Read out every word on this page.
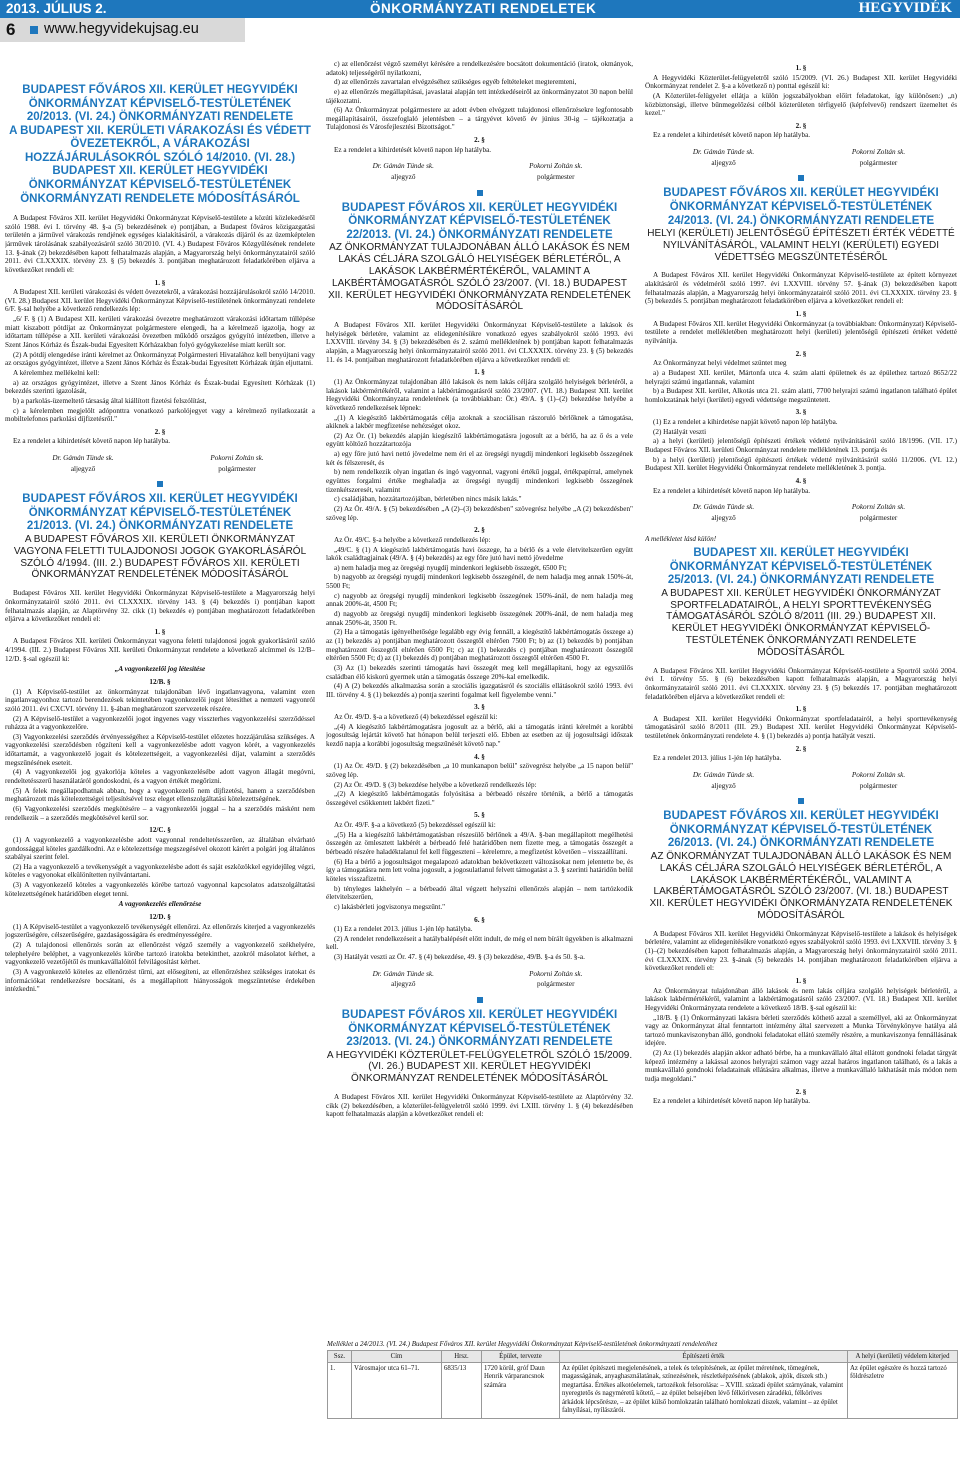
2013. JÚLIUS 2.	ÖNKORMÁNYZATI RENDELETEK	HEGYVIDÉK
6 www.hegyvidekujsag.eu
BUDAPEST FŐVÁROS XII. KERÜLET HEGYVIDÉKI ÖNKORMÁNYZAT KÉPVISELŐ-TESTÜLETÉNEK
20/2013. (VI. 24.) ÖNKORMÁNYZATI RENDELETE
A BUDAPEST XII. KERÜLETI VÁRAKOZÁSI ÉS VÉDETT ÖVEZETEKRŐL, A VÁRAKOZÁSI HOZZÁJÁRULÁSOKRÓL SZÓLÓ 14/2010. (VI. 28.) BUDAPEST XII. KERÜLET HEGYVIDÉKI ÖNKORMÁNYZAT KÉPVISELŐ-TESTÜLETÉNEK ÖNKORMÁNYZATI RENDELETE MÓDOSÍTÁSÁRÓL

A Budapest Főváros XII. kerület Hegyvidéki Önkormányzat Képviselő-testülete a közúti közlekedésről szóló 1988. évi I. törvény 48. §-a (5) bekezdésének e) pontjában, a Budapest főváros közigazgatási területén a járművel várakozás rendjének egységes kialakításáról, a várakozás díjáról és az üzemképtelen járművek tárolásának szabályozásáról szóló 30/2010. (VI. 4.) Budapest Főváros Közgyűlésének rendelete 13. §-ának (2) bekezdésében kapott felhatalmazás alapján, a Magyarország helyi önkormányzatairól szóló 2011. évi CLXXXIX. törvény 23. § (5) bekezdés 3. pontjában meghatározott feladatkörében eljárva a következőket rendeli el:

1. §

A Budapest XII. kerületi várakozási és védett övezetekről, a várakozási hozzájárulásokról szóló 14/2010. (VI. 28.) Budapest XII. kerület Hegyvidéki Önkormányzat Képviselő-testületének önkormányzati rendelete 6/F. §-sal helyébe a következő rendelkezés lép:

„6/ F. § (1) A Budapest XII. kerületi várakozási övezetre meghatározott várakozási időtartam túllépése miatt kiszabott pótdíjat az Önkormányzat polgármestere elengedi, ha a kérelmező igazolja, hogy az időtartam túllépése a XII. kerületi várakozási övezetben működő országos gyógyító intézetben, illetve a Szent János Kórház és Észak-budai Egyesített Kórházakban folyó gyógykezelése miatt került sor.

(2) A pótdíj elengedése iránti kérelmet az Önkormányzat Polgármesteri Hivatalához kell benyújtani vagy az országos gyógyintézet, illetve a Szent János Kórház és Észak-budai Egyesített Kórházak útján eljuttatni.

A kérelemhez mellékelni kell:

a) az országos gyógyintézet, illetve a Szent János Kórház és Észak-budai Egyesített Kórházak (1) bekezdés szerinti igazolását,

b) a parkolás-üzemeltető társaság által kiállított fizetési felszólítást,

c) a kérelemben megjelölt adóponttra vonatkozó parkolójegyet vagy a kérelmező nyilatkozatát a mobiltelefonos parkolási díjfizetésről."

2. §

Ez a rendelet a kihirdetését követő napon lép hatályba.

Dr. Gámán Tünde sk.	Pokorni Zoltán sk.
aljegyző	polgármester
BUDAPEST FŐVÁROS XII. KERÜLET HEGYVIDÉKI ÖNKORMÁNYZAT KÉPVISELŐ-TESTÜLETÉNEK
21/2013. (VI. 24.) ÖNKORMÁNYZATI RENDELETE
A BUDAPEST FŐVÁROS XII. KERÜLETI ÖNKORMÁNYZAT VAGYONA FELETTI TULAJDONOSI JOGOK GYAKORLÁSÁRÓL SZÓLÓ 4/1994. (III. 2.) BUDAPEST FŐVÁROS XII. KERÜLETI ÖNKORMÁNYZAT RENDELETÉNEK MÓDOSÍTÁSÁRÓL

Budapest Főváros XII. kerület Hegyvidéki Önkormányzat Képviselő-testülete a Magyarország helyi önkormányzatairól szóló 2011. évi CLXXXIX. törvény 143. § (4) bekezdés i) pontjában kapott felhatalmazás alapján, az Alaptörvény 32. cikk (1) bekezdés e) pontjában meghatározott feladatkörében eljárva a következőket rendeli el:

1. §

A Budapest Főváros XII. kerületi Önkormányzat vagyona feletti tulajdonosi jogok gyakorlásáról szóló 4/1994. (III. 2.) Budapest Főváros XII. kerületi Önkormányzat rendelete a következő alcímmel és 12/B–12/D. §-sal egészül ki:

„A vagyonkezelői jog létesítése

12/B. §

(1) A Képviselő-testület az önkormányzat tulajdonában lévő ingatlanvagyona, valamint ezen ingatlanvagyonhoz tartozó berendezések tekintetében vagyonkezelői jogot létesíthet a nemzeti vagyonról szóló 2011. évi CXCVI. törvény 11. §-ában meghatározott szervezetek részére.

(2) A Képviselő-testület a vagyonkezelői jogot ingyenes vagy visszterhes vagyonkezelési szerződéssel ruházza át a vagyonkezelőre.

(3) Vagyonkezelési szerződés érvényességéhez a Képviselő-testület előzetes hozzájárulása szükséges. A vagyonkezelési szerződésben rögzíteni kell a vagyonkezelésbe adott vagyon körét, a vagyonkezelés időtartamát, a vagyonkezelő jogait és kötelezettségeit, a vagyonkezelési díjat, valamint a szerződés megszűnésének eseteit.

(4) A vagyonkezelői jog gyakorlója köteles a vagyonkezelésébe adott vagyon állagát megóvni, rendeltetésszerű használatáról gondoskodni, és a vagyon értékét megőrizni.

(5) A felek megállapodhatnak abban, hogy a vagyonkezelő nem díjfizetési, hanem a szerződésben meghatározott más kötelezettségei teljesítésével tesz eleget ellenszolgáltatási kötelezettségének.

(6) Vagyonkezelési szerződés megkötésére – a vagyonkezelői joggal – ha a szerződés másként nem rendelkezik – a szerződés megkötésével kerül sor.

12/C. §

(1) A vagyonkezelő a vagyonkezelésbe adott vagyonnal rendeltetésszerűen, az általában elvárható gondossággal köteles gazdálkodni. Az e kötelezettsége megszegésével okozott kárért a polgári jog általános szabályai szerint felel.

(2) Ha a vagyonkezelő a tevékenységét a vagyonkezelésbe adott és saját eszközökkel egyidejűleg végzi, köteles e vagyonokat elkülönítetten nyilvántartani.

(3) A vagyonkezelő köteles a vagyonkezelés körébe tartozó vagyonnal kapcsolatos adatszolgáltatási kötelezettségének határidőben eleget tenni.

A vagyonkezelés ellenőrzése

12/D. §

(1) A Képviselő-testület a vagyonkezelő tevékenységét ellenőrzi. Az ellenőrzés kiterjed a vagyonkezelés jogszerűségére, célszerűségére, gazdaságosságára és eredményességére.

(2) A tulajdonosi ellenőrzés során az ellenőrzést végző személy a vagyonkezelő székhelyére, telephelyére beléphet, a vagyonkezelés körébe tartozó iratokba betekinthet, azokról másolatot kérhet, a vagyonkezelő vezetőjétől és munkavállalóitól felvilágosítást kérhet.

(3) A vagyonkezelő köteles az ellenőrzést tűrni, azt elősegíteni, az ellenőrzéshez szükséges iratokat és információkat rendelkezésre bocsátani, és a megállapított hiányosságok megszüntetése érdekében intézkedni."

c) az ellenőrzést végző személyt kérésére a rendelkezésére bocsátott dokumentáció (iratok, okmányok, adatok) teljességéről nyilatkozni,

d) az ellenőrzés zavartalan elvégzéséhez szükséges egyéb feltételeket megteremteni,

e) az ellenőrzés megállapításai, javaslatai alapján tett intézkedéseiről az önkormányzatot 30 napon belül tájékoztatni.

(6) Az Önkormányzat polgármestere az adott évben elvégzett tulajdonosi ellenőrzésekre legfontosabb megállapításairól, összefoglaló jelentésben – a tárgyévet követő év június 30-ig – tájékoztatja a Tulajdonosi és Városfejlesztési Bizottságot."

2. §

Ez a rendelet a kihirdetését követő napon lép hatályba.

Dr. Gámán Tünde sk.	Pokorni Zoltán sk.
aljegyző	polgármester
BUDAPEST FŐVÁROS XII. KERÜLET HEGYVIDÉKI ÖNKORMÁNYZAT KÉPVISELŐ-TESTÜLETÉNEK
22/2013. (VI. 24.) ÖNKORMÁNYZATI RENDELETE
AZ ÖNKORMÁNYZAT TULAJDONÁBAN ÁLLÓ LAKÁSOK ÉS NEM LAKÁS CÉLJÁRA SZOLGÁLÓ HELYISÉGEK BÉRLETÉRŐL, A LAKÁSOK LAKBÉRMÉRTÉKÉRŐL, VALAMINT A LAKBÉRTÁMOGATÁSRÓL SZÓLÓ 23/2007. (VI. 18.) BUDAPEST XII. KERÜLET HEGYVIDÉKI ÖNKORMÁNYZATA RENDELETÉNEK MÓDOSÍTÁSÁRÓL

A Budapest Főváros XII. kerület Hegyvidéki Önkormányzat Képviselő-testülete a lakások és helyiségek bérletére, valamint az elidegenítésükre vonatkozó egyes szabályokról szóló 1993. évi LXXVIII. törvény 34. § (3) bekezdésében és 2. számú mellékletének b) pontjában kapott felhatalmazás alapján, a Magyarország helyi önkormányzatairól szóló 2011. évi CLXXXIX. törvény 23. § (5) bekezdés 11. és 14. pontjaiban meghatározott feladatkörében eljárva a következőket rendeli el:

1. §

(1) Az Önkormányzat tulajdonában álló lakások és nem lakás céljára szolgáló helyiségek bérletéről, a lakások lakbérmértékéről, valamint a lakbértámogatásról szóló 23/2007. (VI. 18.) Budapest XII. kerület Hegyvidéki Önkormányzata rendeletének (a továbbiakban: Ör.) 49/A. § (1)–(2) bekezdése helyébe a következő rendelkezések lépnek:

„(1) A kiegészítő lakbértámogatás célja azoknak a szociálisan rászoruló bérlőknek a támogatása, akiknek a lakbér megfizetése nehézséget okoz.

(2) Az Ör. (1) bekezdés alapján kiegészítő lakbértámogatásra jogosult az a bérlő, ha az ő és a vele együtt költöző hozzátartozója

a) egy főre jutó havi nettó jövedelme nem éri el az öregségi nyugdíj mindenkori legkisebb összegének két és félszeresét, és

b) nem rendelkezik olyan ingatlan és ingó vagyonnal, vagyoni értékű joggal, értékpapírral, amelynek együttes forgalmi értéke meghaladja az öregségi nyugdíj mindenkori legkisebb összegének tizenkétszeresét, valamint

c) családjában, hozzátartozójában, bérletében nincs másik lakás."

(2) Az Ör. 49/A. § (5) bekezdésében „A (2)–(3) bekezdésben" szövegrész helyébe „A (2) bekezdésben" szöveg lép.

2. §

Az Ör. 49/C. §-a helyébe a következő rendelkezés lép:

„49/C. § (1) A kiegészítő lakbértámogatás havi összege, ha a bérlő és a vele életvitelszerűen együtt lakók családtagjainak (49/A. § (4) bekezdés) az egy főre jutó havi nettó jövedelme

a) nem haladja meg az öregségi nyugdíj mindenkori legkisebb összegét, 6500 Ft;

b) nagyobb az öregségi nyugdíj mindenkori legkisebb összegénél, de nem haladja meg annak 150%-át, 5500 Ft;

c) nagyobb az öregségi nyugdíj mindenkori legkisebb összegének 150%-ánál, de nem haladja meg annak 200%-át, 4500 Ft;

d) nagyobb az öregségi nyugdíj mindenkori legkisebb összegének 200%-ánál, de nem haladja meg annak 250%-át, 3500 Ft.

(2) Ha a támogatás igényelhetősége legalább egy évig fennáll, a kiegészítő lakbértámogatás összege a) az (1) bekezdés a) pontjában meghatározott összegtől eltérően 7500 Ft; b) az (1) bekezdés b) pontjában meghatározott összegtől eltérően 6500 Ft; c) az (1) bekezdés c) pontjában meghatározott összegtől eltérően 5500 Ft; d) az (1) bekezdés d) pontjában meghatározott összegtől eltérően 4500 Ft.

(3) Az (1) bekezdés szerinti támogatás havi összegét meg kell megállapítani, hogy az egyszülős családban élő kiskorú gyermek után a támogatás összege 20%-kal emelkedik.

(4) A (2) bekezdés alkalmazása során a szociális igazgatásról és szociális ellátásokról szóló 1993. évi III. törvény 4. § (1) bekezdés a) pontja szerinti fogalmat kell figyelembe venni."

3. §

Az Ör. 49/D. §-a a következő (4) bekezdéssel egészül ki:

„(4) A kiegészítő lakbértámogatásra jogosult az a bérlő, aki a támogatás iránti kérelmét a korábbi jogosultság lejártát követő hat hónapon belül terjeszti elő. Ebben az esetben az új jogosultsági időszak kezdő napja a korábbi jogosultság megszűnését követő nap."

4. §

(1) Az Ör. 49/D. § (2) bekezdésében „a 10 munkanapon belül" szövegrész helyébe „a 15 napon belül" szöveg lép.

(2) Az Ör. 49/D. § (3) bekezdése helyébe a következő rendelkezés lép:

„(2) A kiegészítő lakbértámogatás folyósítása a bérbeadó részére történik, a bérlő a támogatás összegével csökkentett lakbért fizeti."

5. §

Az Ör. 49/F. §-a a következő (5) bekezdéssel egészül ki:

„(5) Ha a kiegészítő lakbértámogatásban részesülő bérlőnek a 49/A. §-ban megállapított megélhetési összegén az ömlesztett lakbérét a bérbeadó felé határidőben nem fizette meg, a támogatás összegét a bérbeadó részére haladéktalanul fel kell függeszteni – kérelemre, a megfizetést követően – visszaállítani.

(6) Ha a bérlő a jogosultságot megalapozó adatokban bekövetkezett változásokat nem jelentette be, és így a támogatásra nem lett volna jogosult, a jogosulatlanul felvett támogatást a 3. § szerinti határidőn belül köteles visszafizetni.

b) tényleges lakhelyén – a bérbeadó által végzett helyszíni ellenőrzés alapján – nem tartózkodik életvitelszerűen,

c) lakásbérleti jogviszonya megszűnt."

6. §

(1) Ez a rendelet 2013. július 1-jén lép hatályba.

(2) A rendelet rendelkezéseit a hatálybalépését előtt indult, de még el nem bírált ügyekben is alkalmazni kell.

(3) Hatályát veszti az Ör. 47. § (4) bekezdése, 49. § (3) bekezdése, 49/B. §-a és 50. §-a.

Dr. Gámán Tünde sk.	Pokorni Zoltán sk.
aljegyző	polgármester
BUDAPEST FŐVÁROS XII. KERÜLET HEGYVIDÉKI ÖNKORMÁNYZAT KÉPVISELŐ-TESTÜLETÉNEK
23/2013. (VI. 24.) ÖNKORMÁNYZATI RENDELETE
A HEGYVIDÉKI KÖZTERÜLET-FELÜGYELETRŐL SZÓLÓ 15/2009. (VI. 26.) BUDAPEST XII. KERÜLET HEGYVIDÉKI ÖNKORMÁNYZAT RENDELETÉNEK MÓDOSÍTÁSÁRÓL

A Budapest Főváros XII. kerület Hegyvidéki Önkormányzat Képviselő-testülete az Alaptörvény 32. cikk (2) bekezdésében, a közterület-felügyeletről szóló 1999. évi LXIII. törvény 1. § (4) bekezdésében kapott felhatalmazás alapján a következőket rendeli el:

1. §

A Hegyvidéki Közterület-felügyeletről szóló 15/2009. (VI. 26.) Budapest XII. kerület Hegyvidéki Önkormányzat rendelet 2. §-a a következő n) ponttal egészül ki:

(A Közterület-felügyelet ellátja a külön jogszabályokban előírt feladatokat, így különösen:) „n) közbiztonsági, illetve bűnmegelőzési célból közterületen térfigyelő (képfelvevő) rendszert üzemeltet és kezel."

2. §

Ez a rendelet a kihirdetését követő napon lép hatályba.

Dr. Gámán Tünde sk.	Pokorni Zoltán sk.
aljegyző	polgármester
BUDAPEST FŐVÁROS XII. KERÜLET HEGYVIDÉKI ÖNKORMÁNYZAT KÉPVISELŐ-TESTÜLETÉNEK
24/2013. (VI. 24.) ÖNKORMÁNYZATI RENDELETE
HELYI (KERÜLETI) JELENTŐSÉGŰ ÉPÍTÉSZETI ÉRTÉK VÉDETTÉ NYILVÁNÍTÁSÁRÓL, VALAMINT HELYI (KERÜLETI) EGYEDI VÉDETTSÉG MEGSZÜNTETÉSÉRŐL

A Budapest Főváros XII. kerület Hegyvidéki Önkormányzat Képviselő-testülete az épített környezet alakításáról és védelméről szóló 1997. évi LXXVIII. törvény 57. §-ának (3) bekezdésében kapott felhatalmazás alapján, a Magyarország helyi önkormányzatairól szóló 2011. évi CLXXXIX. törvény 23. § (5) bekezdés 5. pontjában meghatározott feladatkörében eljárva a következőket rendeli el:

1. §

A Budapest Főváros XII. kerület Hegyvidéki Önkormányzat (a továbbiakban: Önkormányzat) Képviselő-testülete a rendelet mellékletében meghatározott helyi (kerületi) jelentőségű építészeti értéket védetté nyilvánítja.

2. §

Az Önkormányzat helyi védelmet szüntet meg

a) a Budapest XII. kerület, Mártonfa utca 4. szám alatti épületnek és az épülethez tartozó 8652/22 helyrajzi számú ingatlannak, valamint

b) a Budapest XII. kerület, Alkotás utca 21. szám alatti, 7700 helyrajzi számú ingatlanon található épület homlokzatának helyi (kerületi) egyedi védettsége megszüntetett.

3. §

(1) Ez a rendelet a kihirdetése napját követő napon lép hatályba.

(2) Hatályát veszti

a) a helyi (kerületi) jelentőségű építészeti értékek védetté nyilvánításáról szóló 18/1996. (VII. 17.) Budapest Főváros XII. kerületi Önkormányzat rendelete mellékletének 13. pontja és

b) a helyi (kerületi) jelentőségű építészeti értékek védetté nyilvánításáról szóló 11/2006. (VI. 12.) Budapest XII. kerület Hegyvidéki Önkormányzat rendelete mellékletének 3. pontja.

4. §

Ez a rendelet a kihirdetését követő napon lép hatályba.

Dr. Gámán Tünde sk.	Pokorni Zoltán sk.
aljegyző	polgármester

A mellékletet lásd külön!

BUDAPEST XII. KERÜLET HEGYVIDÉKI ÖNKORMÁNYZAT KÉPVISELŐ-TESTÜLETÉNEK
25/2013. (VI. 24.) ÖNKORMÁNYZATI RENDELETE
A BUDAPEST XII. KERÜLET HEGYVIDÉKI ÖNKORMÁNYZAT SPORTFELADATAIRÓL, A HELYI SPORTTEVÉKENYSÉG TÁMOGATÁSÁRÓL SZÓLÓ 8/2011 (III. 29.) BUDAPEST XII. KERÜLET HEGYVIDÉKI ÖNKORMÁNYZAT KÉPVISELŐ-TESTÜLETÉNEK ÖNKORMÁNYZATI RENDELETE MÓDOSÍTÁSÁRÓL

A Budapest Főváros XII. kerület Hegyvidéki Önkormányzat Képviselő-testülete a Sportról szóló 2004. évi I. törvény 55. § (6) bekezdésében kapott felhatalmazás alapján, a Magyarország helyi önkormányzatairól szóló 2011. évi CLXXXIX. törvény 23. § (5) bekezdés 17. pontjában meghatározott feladatkörében eljárva a következőket rendeli el:

1. §

A Budapest XII. kerület Hegyvidéki Önkormányzat sportfeladatairól, a helyi sporttevékenység támogatásáról szóló 8/2011 (III. 29.) Budapest XII. kerület Hegyvidéki Önkormányzat Képviselő-testületének önkormányzati rendelete 4. § (1) bekezdés a) pontja hatályát veszti.

2. §

Ez a rendelet 2013. július 1-jén lép hatályba.

Dr. Gámán Tünde sk.	Pokorni Zoltán sk.
aljegyző	polgármester
BUDAPEST FŐVÁROS XII. KERÜLET HEGYVIDÉKI ÖNKORMÁNYZAT KÉPVISELŐ-TESTÜLETÉNEK
26/2013. (VI. 24.) ÖNKORMÁNYZATI RENDELETE
AZ ÖNKORMÁNYZAT TULAJDONÁBAN ÁLLÓ LAKÁSOK ÉS NEM LAKÁS CÉLJÁRA SZOLGÁLÓ HELYISÉGEK BÉRLETÉRŐL, A LAKÁSOK LAKBÉRMÉRTÉKÉRŐL, VALAMINT A LAKBÉRTÁMOGATÁSRÓL SZÓLÓ 23/2007. (VI. 18.) BUDAPEST XII. KERÜLET HEGYVIDÉKI ÖNKORMÁNYZATA RENDELETÉNEK MÓDOSÍTÁSÁRÓL

A Budapest Főváros XII. kerület Hegyvidéki Önkormányzat Képviselő-testülete a lakások és helyiségek bérletére, valamint az elidegenítésükre vonatkozó egyes szabályokról szóló 1993. évi LXXVIII. törvény 3. § (1)–(2) bekezdésében kapott felhatalmazás alapján, a Magyarország helyi önkormányzatairól szóló 2011. évi CLXXXIX. törvény 23. §-ának (5) bekezdés 14. pontjában meghatározott feladatkörében eljárva a következőket rendeli el:

1. §

Az Önkormányzat tulajdonában álló lakások és nem lakás céljára szolgáló helyiségek bérletéről, a lakások lakbérmértékéről, valamint a lakbértámogatásról szóló 23/2007. (VI. 18.) Budapest XII. kerület Hegyvidéki Önkormányzata rendelete a következő 18/B. §-sal egészül ki:

„18/B. § (1) Önkormányzati lakásra bérleti szerződés köthető azzal a személlyel, aki az Önkormányzat vagy az Önkormányzat által fenntartott intézmény által szervezett a Munka Törvénykönyve hatálya alá tartozó munkaviszonyban álló, gondnoki feladatokat ellátó személy részére, a munkaviszonya fennállásának idejére.

(2) Az (1) bekezdés alapján akkor adható bérbe, ha a munkavállaló által ellátott gondnoki feladat tárgyát képező intézmény a lakással azonos helyrajzi számon vagy azzal határos ingatlanon található, és a lakás a munkavállaló gondnoki feladatainak ellátására alkalmas, illetve a munkavállaló lakhatását más módon nem tudja megoldani."

2. §

Ez a rendelet a kihirdetését követő napon lép hatályba.

Melléklet a 24/2013. (VI. 24.) Budapest Főváros XII. kerület Hegyvidéki Önkormányzat Képviselő-testületének önkormányzati rendeletéhez
Ssz.	Cím	Hrsz.	Épület, tervezte	Építészeti érték	A helyi (kerületi) védelem kiterjed
1.	Városmajor utca 61–71.	6835/13	1720 körül, gróf Daun Henrik várparancsnok számára	Az épület építészeti megjelenésének, a telek és telepítésének, az épület méretének, tömegének, magasságának, anyaghasználatának, színezésének, részletképzésének (ablakok, ajtók, díszek stb.) megtartása. Értékes alkotóelemek, tartozékok felsorolása: – XVIII. századi épület szárnyának, valamint nyeregtetős és nagyméretű kőtető, – az épület belsejében lévő félkörívesen záradékú, félköríves árkádok lépcsőrésze, – az épület külső homlokzatán található homlokzati díszek, valamint – az épület falnyílásai, nyílászárói.	Az épület egészére és hozzá tartozó földrészletre
